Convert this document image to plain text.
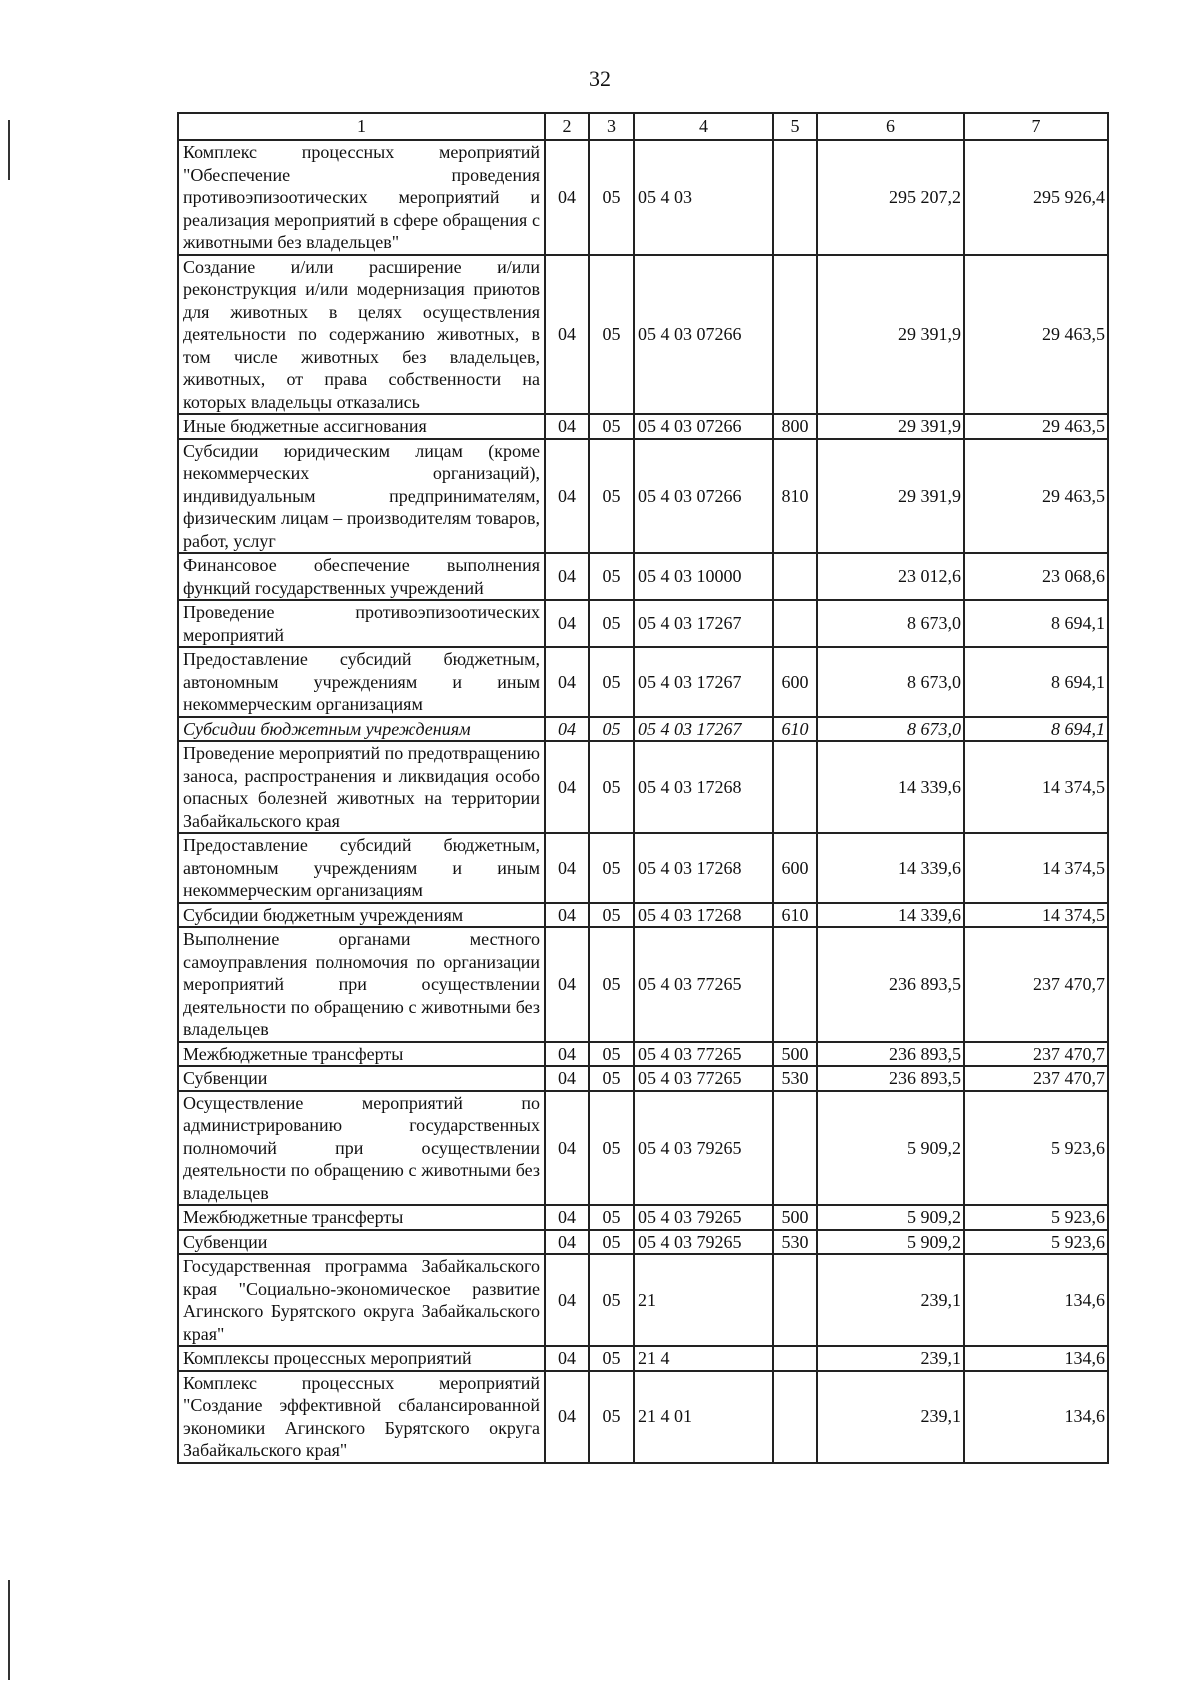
32
1	2	3	4	5	6	7
Комплекс процессных мероприятий "Обеспечение проведения противоэпизоотических мероприятий и реализация мероприятий в сфере обращения с животными без владельцев"	04	05	05 4 03		295 207,2	295 926,4
Создание и/или расширение и/или реконструкция и/или модернизация приютов для животных в целях осуществления деятельности по содержанию животных, в том числе животных без владельцев, животных, от права собственности на которых владельцы отказались	04	05	05 4 03 07266		29 391,9	29 463,5
Иные бюджетные ассигнования	04	05	05 4 03 07266	800	29 391,9	29 463,5
Субсидии юридическим лицам (кроме некоммерческих организаций), индивидуальным предпринимателям, физическим лицам – производителям товаров, работ, услуг	04	05	05 4 03 07266	810	29 391,9	29 463,5
Финансовое обеспечение выполнения функций государственных учреждений	04	05	05 4 03 10000		23 012,6	23 068,6
Проведение противоэпизоотических мероприятий	04	05	05 4 03 17267		8 673,0	8 694,1
Предоставление субсидий бюджетным, автономным учреждениям и иным некоммерческим организациям	04	05	05 4 03 17267	600	8 673,0	8 694,1
Субсидии бюджетным учреждениям	04	05	05 4 03 17267	610	8 673,0	8 694,1
Проведение мероприятий по предотвращению заноса, распространения и ликвидация особо опасных болезней животных на территории Забайкальского края	04	05	05 4 03 17268		14 339,6	14 374,5
Предоставление субсидий бюджетным, автономным учреждениям и иным некоммерческим организациям	04	05	05 4 03 17268	600	14 339,6	14 374,5
Субсидии бюджетным учреждениям	04	05	05 4 03 17268	610	14 339,6	14 374,5
Выполнение органами местного самоуправления полномочия по организации мероприятий при осуществлении деятельности по обращению с животными без владельцев	04	05	05 4 03 77265		236 893,5	237 470,7
Межбюджетные трансферты	04	05	05 4 03 77265	500	236 893,5	237 470,7
Субвенции	04	05	05 4 03 77265	530	236 893,5	237 470,7
Осуществление мероприятий по администрированию государственных полномочий при осуществлении деятельности по обращению с животными без владельцев	04	05	05 4 03 79265		5 909,2	5 923,6
Межбюджетные трансферты	04	05	05 4 03 79265	500	5 909,2	5 923,6
Субвенции	04	05	05 4 03 79265	530	5 909,2	5 923,6
Государственная программа Забайкальского края "Социально-экономическое развитие Агинского Бурятского округа Забайкальского края"	04	05	21		239,1	134,6
Комплексы процессных мероприятий	04	05	21 4		239,1	134,6
Комплекс процессных мероприятий "Создание эффективной сбалансированной экономики Агинского Бурятского округа Забайкальского края"	04	05	21 4 01		239,1	134,6
